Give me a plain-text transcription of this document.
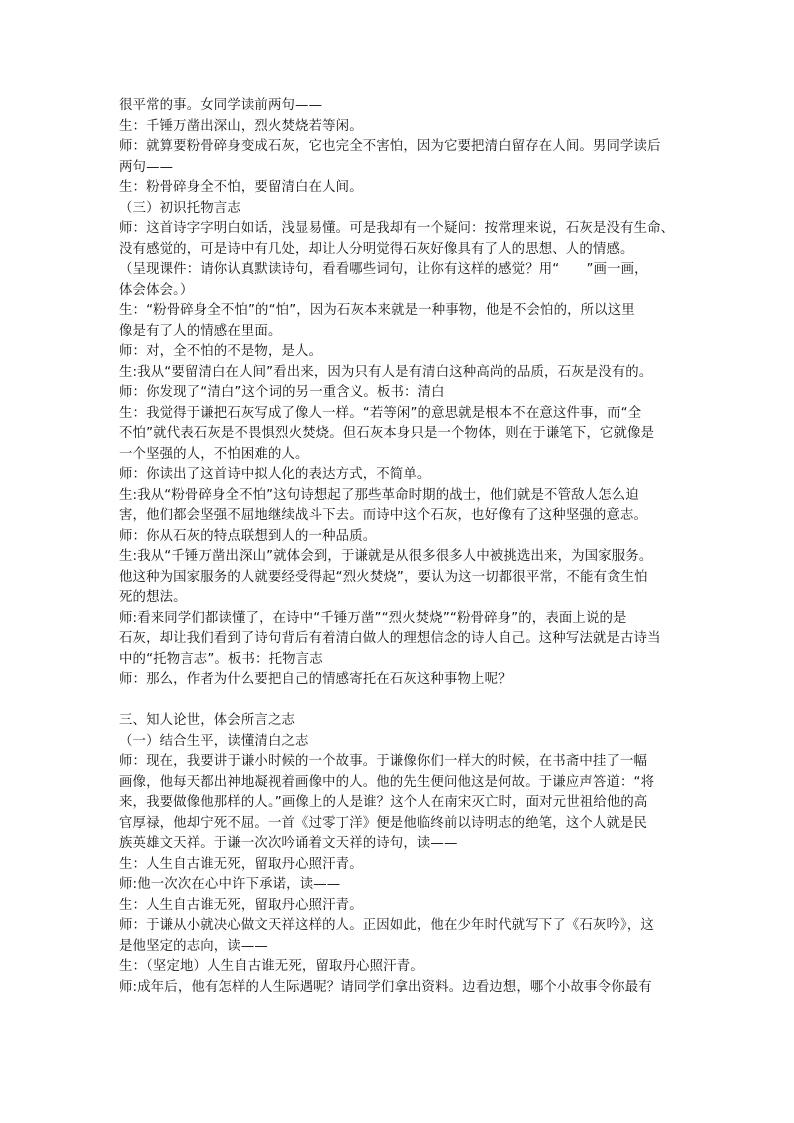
很平常的事。女同学读前两句——
生：千锤万凿出深山，烈火焚烧若等闲。
师：就算要粉骨碎身变成石灰，它也完全不害怕，因为它要把清白留存在人间。男同学读后
两句——
生：粉骨碎身全不怕，要留清白在人间。
（三）初识托物言志
师：这首诗字字明白如话，浅显易懂。可是我却有一个疑问：按常理来说，石灰是没有生命、
没有感觉的，可是诗中有几处，却让人分明觉得石灰好像具有了人的思想、人的情感。
（呈现课件：请你认真默读诗句，看看哪些词句，让你有这样的感觉？用“　　”画一画，
体会体会。）
生：“粉骨碎身全不怕”的“怕”，因为石灰本来就是一种事物，他是不会怕的，所以这里
像是有了人的情感在里面。
师：对，全不怕的不是物，是人。
生:我从“要留清白在人间”看出来，因为只有人是有清白这种高尚的品质，石灰是没有的。
师：你发现了“清白”这个词的另一重含义。板书：清白
生：我觉得于谦把石灰写成了像人一样。“若等闲”的意思就是根本不在意这件事，而“全
不怕”就代表石灰是不畏惧烈火焚烧。但石灰本身只是一个物体，则在于谦笔下，它就像是
一个坚强的人，不怕困难的人。
师：你读出了这首诗中拟人化的表达方式，不简单。
生:我从“粉骨碎身全不怕”这句诗想起了那些革命时期的战士，他们就是不管敌人怎么迫
害，他们都会坚强不屈地继续战斗下去。而诗中这个石灰，也好像有了这种坚强的意志。
师：你从石灰的特点联想到人的一种品质。
生:我从“千锤万凿出深山”就体会到，于谦就是从很多很多人中被挑选出来，为国家服务。
他这种为国家服务的人就要经受得起“烈火焚烧”，要认为这一切都很平常，不能有贪生怕
死的想法。
师:看来同学们都读懂了，在诗中“千锤万凿”“烈火焚烧”“粉骨碎身”的，表面上说的是
石灰，却让我们看到了诗句背后有着清白做人的理想信念的诗人自己。这种写法就是古诗当
中的“托物言志”。板书：托物言志
师：那么，作者为什么要把自己的情感寄托在石灰这种事物上呢？
三、知人论世，体会所言之志
（一）结合生平，读懂清白之志
师：现在，我要讲于谦小时候的一个故事。于谦像你们一样大的时候，在书斋中挂了一幅
画像，他每天都出神地凝视着画像中的人。他的先生便问他这是何故。于谦应声答道：“将
来，我要做像他那样的人。”画像上的人是谁？这个人在南宋灭亡时，面对元世祖给他的高
官厚禄，他却宁死不屈。一首《过零丁洋》便是他临终前以诗明志的绝笔，这个人就是民
族英雄文天祥。于谦一次次吟诵着文天祥的诗句，读——
生：人生自古谁无死，留取丹心照汗青。
师:他一次次在心中许下承诺，读——
生：人生自古谁无死，留取丹心照汗青。
师：于谦从小就决心做文天祥这样的人。正因如此，他在少年时代就写下了《石灰吟》，这
是他坚定的志向，读——
生：（坚定地）人生自古谁无死，留取丹心照汗青。
师:成年后，他有怎样的人生际遇呢？请同学们拿出资料。边看边想，哪个小故事令你最有
